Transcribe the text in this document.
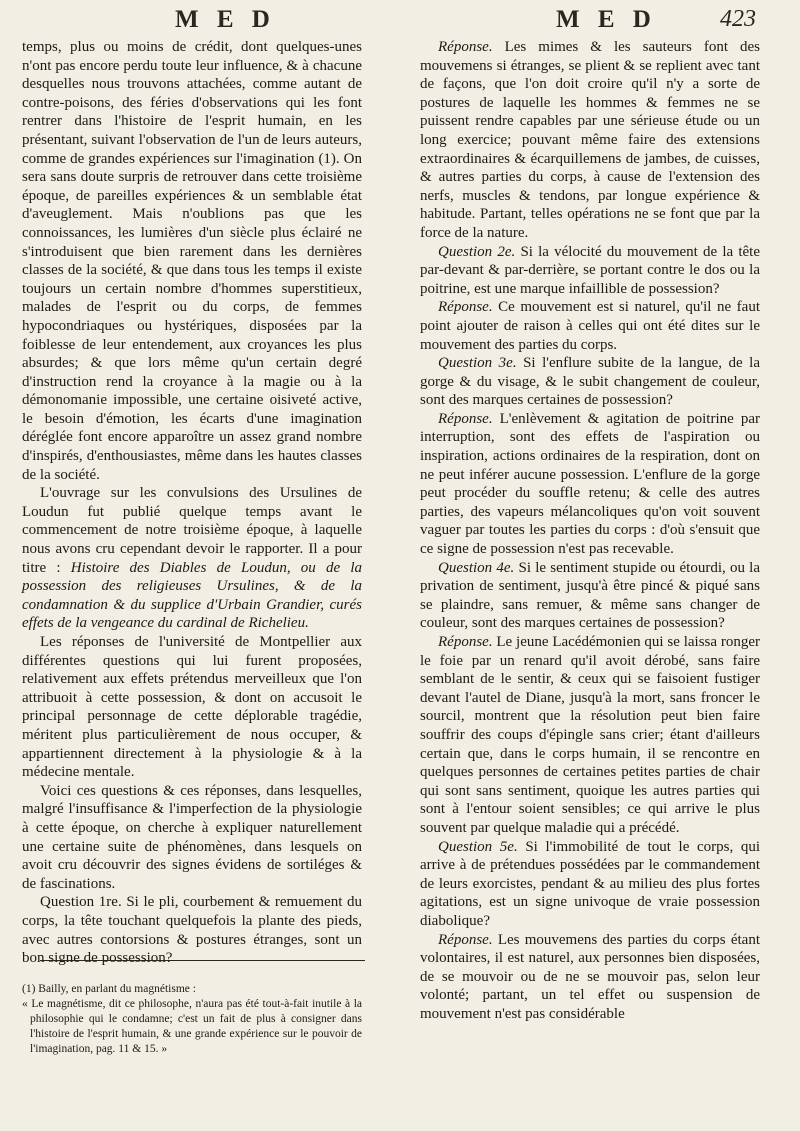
M E D	M E D	423

temps, plus ou moins de crédit, dont quelques-unes n'ont pas encore perdu toute leur influence, & à chacune desquelles nous trouvons attachées, comme autant de contre-poisons, des féries d'observations qui les font rentrer dans l'histoire de l'esprit humain, en les présentant, suivant l'observation de l'un de leurs auteurs, comme de grandes expériences sur l'imagination (1). On sera sans doute surpris de retrouver dans cette troisième époque, de pareilles expériences & un semblable état d'aveuglement. Mais n'oublions pas que les connoissances, les lumières d'un siècle plus éclairé ne s'introduisent que bien rarement dans les dernières classes de la société, & que dans tous les temps il existe toujours un certain nombre d'hommes superstitieux, malades de l'esprit ou du corps, de femmes hypocondriaques ou hystériques, disposées par la foiblesse de leur entendement, aux croyances les plus absurdes; & que lors même qu'un certain degré d'instruction rend la croyance à la magie ou à la démonomanie impossible, une certaine oisiveté active, le besoin d'émotion, les écarts d'une imagination déréglée font encore apparoître un assez grand nombre d'inspirés, d'enthousiastes, même dans les hautes classes de la société.

L'ouvrage sur les convulsions des Ursulines de Loudun fut publié quelque temps avant le commencement de notre troisième époque, à laquelle nous avons cru cependant devoir le rapporter. Il a pour titre : Histoire des Diables de Loudun, ou de la possession des religieuses Ursulines, & de la condamnation & du supplice d'Urbain Grandier, curés effets de la vengeance du cardinal de Richelieu.

Les réponses de l'université de Montpellier aux différentes questions qui lui furent proposées, relativement aux effets prétendus merveilleux que l'on attribuoit à cette possession, & dont on accusoit le principal personnage de cette déplorable tragédie, méritent plus particulièrement de nous occuper, & appartiennent directement à la physiologie & à la médecine mentale.

Voici ces questions & ces réponses, dans lesquelles, malgré l'insuffisance & l'imperfection de la physiologie à cette époque, on cherche à expliquer naturellement une certaine suite de phénomènes, dans lesquels on avoit cru découvrir des signes évidens de sortiléges & de fascinations.

Question 1re. Si le pli, courbement & remuement du corps, la tête touchant quelquefois la plante des pieds, avec autres contorsions & postures étranges, sont un bon signe de possession?

(1) Bailly, en parlant du magnétisme :

« Le magnétisme, dit ce philosophe, n'aura pas été tout-à-fait inutile à la philosophie qui le condamne; c'est un fait de plus à consigner dans l'histoire de l'esprit humain, & une grande expérience sur le pouvoir de l'imagination, pag. 11 & 15. »

Réponse. Les mimes & les sauteurs font des mouvemens si étranges, se plient & se replient avec tant de façons, que l'on doit croire qu'il n'y a sorte de postures de laquelle les hommes & femmes ne se puissent rendre capables par une sérieuse étude ou un long exercice; pouvant même faire des extensions extraordinaires & écarquillemens de jambes, de cuisses, & autres parties du corps, à cause de l'extension des nerfs, muscles & tendons, par longue expérience & habitude. Partant, telles opérations ne se font que par la force de la nature.

Question 2e. Si la vélocité du mouvement de la tête par-devant & par-derrière, se portant contre le dos ou la poitrine, est une marque infaillible de possession?

Réponse. Ce mouvement est si naturel, qu'il ne faut point ajouter de raison à celles qui ont été dites sur le mouvement des parties du corps.

Question 3e. Si l'enflure subite de la langue, de la gorge & du visage, & le subit changement de couleur, sont des marques certaines de possession?

Réponse. L'enlèvement & agitation de poitrine par interruption, sont des effets de l'aspiration ou inspiration, actions ordinaires de la respiration, dont on ne peut inférer aucune possession. L'enflure de la gorge peut procéder du souffle retenu; & celle des autres parties, des vapeurs mélancoliques qu'on voit souvent vaguer par toutes les parties du corps : d'où s'ensuit que ce signe de possession n'est pas recevable.

Question 4e. Si le sentiment stupide ou étourdi, ou la privation de sentiment, jusqu'à être pincé & piqué sans se plaindre, sans remuer, & même sans changer de couleur, sont des marques certaines de possession?

Réponse. Le jeune Lacédémonien qui se laissa ronger le foie par un renard qu'il avoit dérobé, sans faire semblant de le sentir, & ceux qui se faisoient fustiger devant l'autel de Diane, jusqu'à la mort, sans froncer le sourcil, montrent que la résolution peut bien faire souffrir des coups d'épingle sans crier; étant d'ailleurs certain que, dans le corps humain, il se rencontre en quelques personnes de certaines petites parties de chair qui sont sans sentiment, quoique les autres parties qui sont à l'entour soient sensibles; ce qui arrive le plus souvent par quelque maladie qui a précédé.

Question 5e. Si l'immobilité de tout le corps, qui arrive à de prétendues possédées par le commandement de leurs exorcistes, pendant & au milieu des plus fortes agitations, est un signe univoque de vraie possession diabolique?

Réponse. Les mouvemens des parties du corps étant volontaires, il est naturel, aux personnes bien disposées, de se mouvoir ou de ne se mouvoir pas, selon leur volonté; partant, un tel effet ou suspension de mouvement n'est pas considérable
